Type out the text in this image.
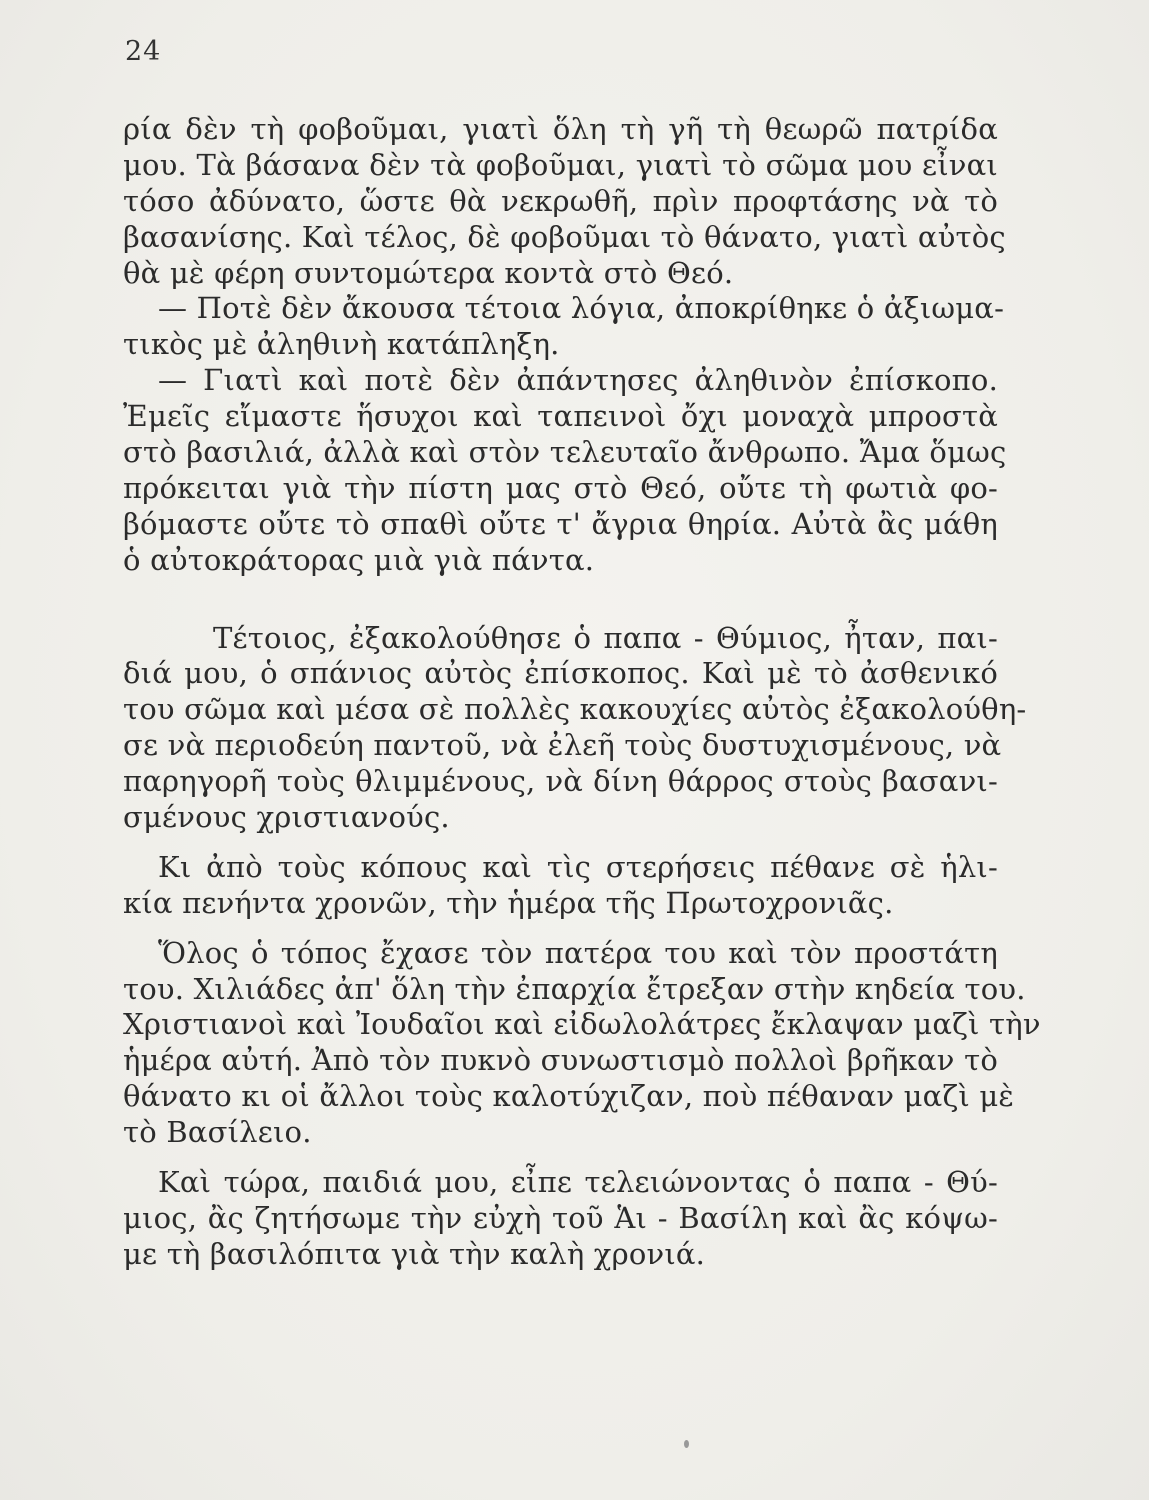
24
ρία δὲν τὴ φοβοῦμαι, γιατὶ ὅλη τὴ γῆ τὴ θεωρῶ πατρίδα
μου. Τὰ βάσανα δὲν τὰ φοβοῦμαι, γιατὶ τὸ σῶμα μου εἶναι
τόσο ἀδύνατο, ὥστε θὰ νεκρωθῆ, πρὶν προφτάσης νὰ τὸ
βασανίσης. Καὶ τέλος, δὲ φοβοῦμαι τὸ θάνατο, γιατὶ αὐτὸς
θὰ μὲ φέρη συντομώτερα κοντὰ στὸ Θεό.
— Ποτὲ δὲν ἄκουσα τέτοια λόγια, ἀποκρίθηκε ὁ ἀξιωμα-
τικὸς μὲ ἀληθινὴ κατάπληξη.
— Γιατὶ καὶ ποτὲ δὲν ἀπάντησες ἀληθινὸν ἐπίσκοπο.
Ἐμεῖς εἴμαστε ἥσυχοι καὶ ταπεινοὶ ὄχι μοναχὰ μπροστὰ
στὸ βασιλιά, ἀλλὰ καὶ στὸν τελευταῖο ἄνθρωπο. Ἄμα ὅμως
πρόκειται γιὰ τὴν πίστη μας στὸ Θεό, οὔτε τὴ φωτιὰ φο-
βόμαστε οὔτε τὸ σπαθὶ οὔτε τ' ἄγρια θηρία. Αὐτὰ ἂς μάθη
ὁ αὐτοκράτορας μιὰ γιὰ πάντα.
Τέτοιος, ἐξακολούθησε ὁ παπα - Θύμιος, ἦταν, παι-
διά μου, ὁ σπάνιος αὐτὸς ἐπίσκοπος. Καὶ μὲ τὸ ἀσθενικό
του σῶμα καὶ μέσα σὲ πολλὲς κακουχίες αὐτὸς ἐξακολούθη-
σε νὰ περιοδεύη παντοῦ, νὰ ἐλεῆ τοὺς δυστυχισμένους, νὰ
παρηγορῆ τοὺς θλιμμένους, νὰ δίνη θάρρος στοὺς βασανι-
σμένους χριστιανούς.
Κι ἀπὸ τοὺς κόπους καὶ τὶς στερήσεις πέθανε σὲ ἡλι-
κία πενήντα χρονῶν, τὴν ἡμέρα τῆς Πρωτοχρονιᾶς.
Ὅλος ὁ τόπος ἔχασε τὸν πατέρα του καὶ τὸν προστάτη
του. Χιλιάδες ἀπ' ὅλη τὴν ἐπαρχία ἔτρεξαν στὴν κηδεία του.
Χριστιανοὶ καὶ Ἰουδαῖοι καὶ εἰδωλολάτρες ἔκλαψαν μαζὶ τὴν
ἡμέρα αὐτή. Ἀπὸ τὸν πυκνὸ συνωστισμὸ πολλοὶ βρῆκαν τὸ
θάνατο κι οἱ ἄλλοι τοὺς καλοτύχιζαν, ποὺ πέθαναν μαζὶ μὲ
τὸ Βασίλειο.
Καὶ τώρα, παιδιά μου, εἶπε τελειώνοντας ὁ παπα - Θύ-
μιος, ἂς ζητήσωμε τὴν εὐχὴ τοῦ Ἁι - Βασίλη καὶ ἂς κόψω-
με τὴ βασιλόπιτα γιὰ τὴν καλὴ χρονιά.
